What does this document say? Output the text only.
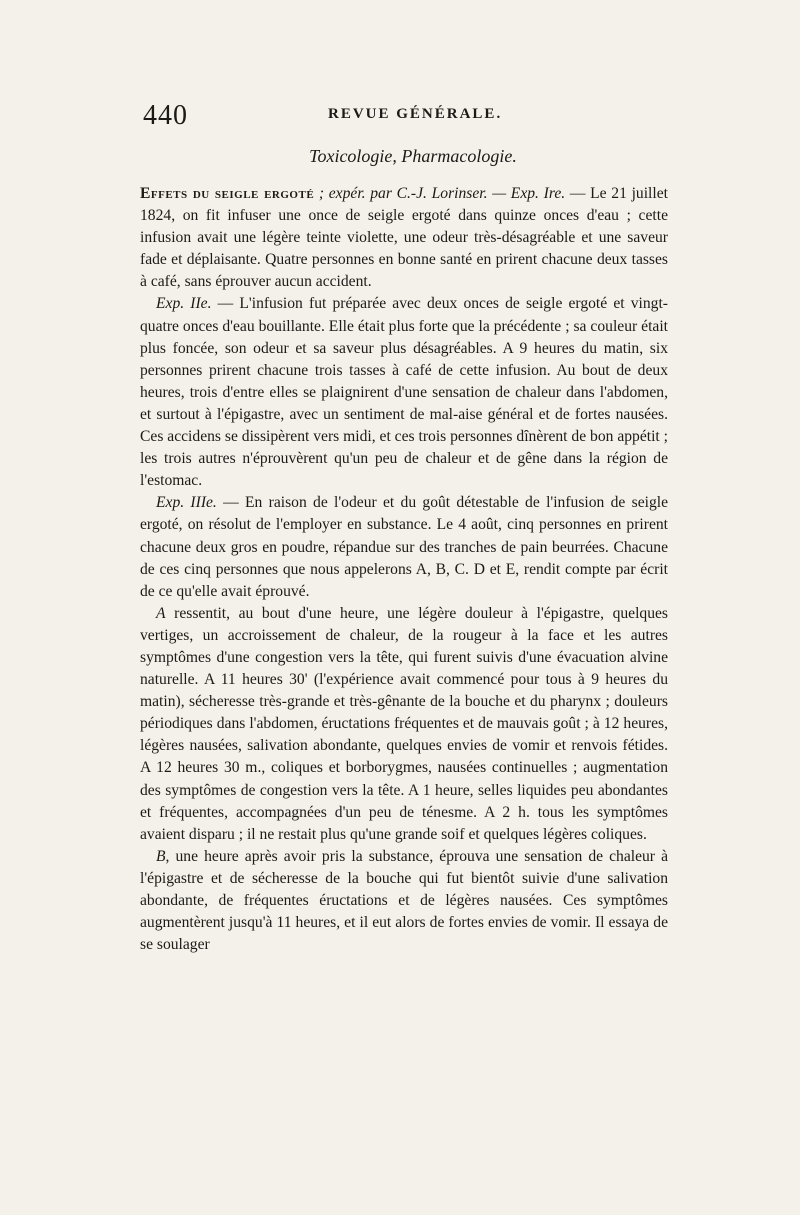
440	REVUE GÉNÉRALE.
Toxicologie, Pharmacologie.

Effets du seigle ergoté ; expér. par C.-J. Lorinser. — Exp. Ire. — Le 21 juillet 1824, on fit infuser une once de seigle ergoté dans quinze onces d'eau ; cette infusion avait une légère teinte violette, une odeur très-désagréable et une saveur fade et déplaisante. Quatre personnes en bonne santé en prirent chacune deux tasses à café, sans éprouver aucun accident.

Exp. IIe. — L'infusion fut préparée avec deux onces de seigle ergoté et vingt-quatre onces d'eau bouillante. Elle était plus forte que la précédente ; sa couleur était plus foncée, son odeur et sa saveur plus désagréables. A 9 heures du matin, six personnes prirent chacune trois tasses à café de cette infusion. Au bout de deux heures, trois d'entre elles se plaignirent d'une sensation de chaleur dans l'abdomen, et surtout à l'épigastre, avec un sentiment de mal-aise général et de fortes nausées. Ces accidens se dissipèrent vers midi, et ces trois personnes dînèrent de bon appétit ; les trois autres n'éprouvèrent qu'un peu de chaleur et de gêne dans la région de l'estomac.

Exp. IIIe. — En raison de l'odeur et du goût détestable de l'infusion de seigle ergoté, on résolut de l'employer en substance. Le 4 août, cinq personnes en prirent chacune deux gros en poudre, répandue sur des tranches de pain beurrées. Chacune de ces cinq personnes que nous appelerons A, B, C. D et E, rendit compte par écrit de ce qu'elle avait éprouvé.

A ressentit, au bout d'une heure, une légère douleur à l'épigastre, quelques vertiges, un accroissement de chaleur, de la rougeur à la face et les autres symptômes d'une congestion vers la tête, qui furent suivis d'une évacuation alvine naturelle. A 11 heures 30' (l'expérience avait commencé pour tous à 9 heures du matin), sécheresse très-grande et très-gênante de la bouche et du pharynx ; douleurs périodiques dans l'abdomen, éructations fréquentes et de mauvais goût ; à 12 heures, légères nausées, salivation abondante, quelques envies de vomir et renvois fétides. A 12 heures 30 m., coliques et borborygmes, nausées continuelles ; augmentation des symptômes de congestion vers la tête. A 1 heure, selles liquides peu abondantes et fréquentes, accompagnées d'un peu de ténesme. A 2 h. tous les symptômes avaient disparu ; il ne restait plus qu'une grande soif et quelques légères coliques.

B, une heure après avoir pris la substance, éprouva une sensation de chaleur à l'épigastre et de sécheresse de la bouche qui fut bientôt suivie d'une salivation abondante, de fréquentes éructations et de légères nausées. Ces symptômes augmentèrent jusqu'à 11 heures, et il eut alors de fortes envies de vomir. Il essaya de se soulager
